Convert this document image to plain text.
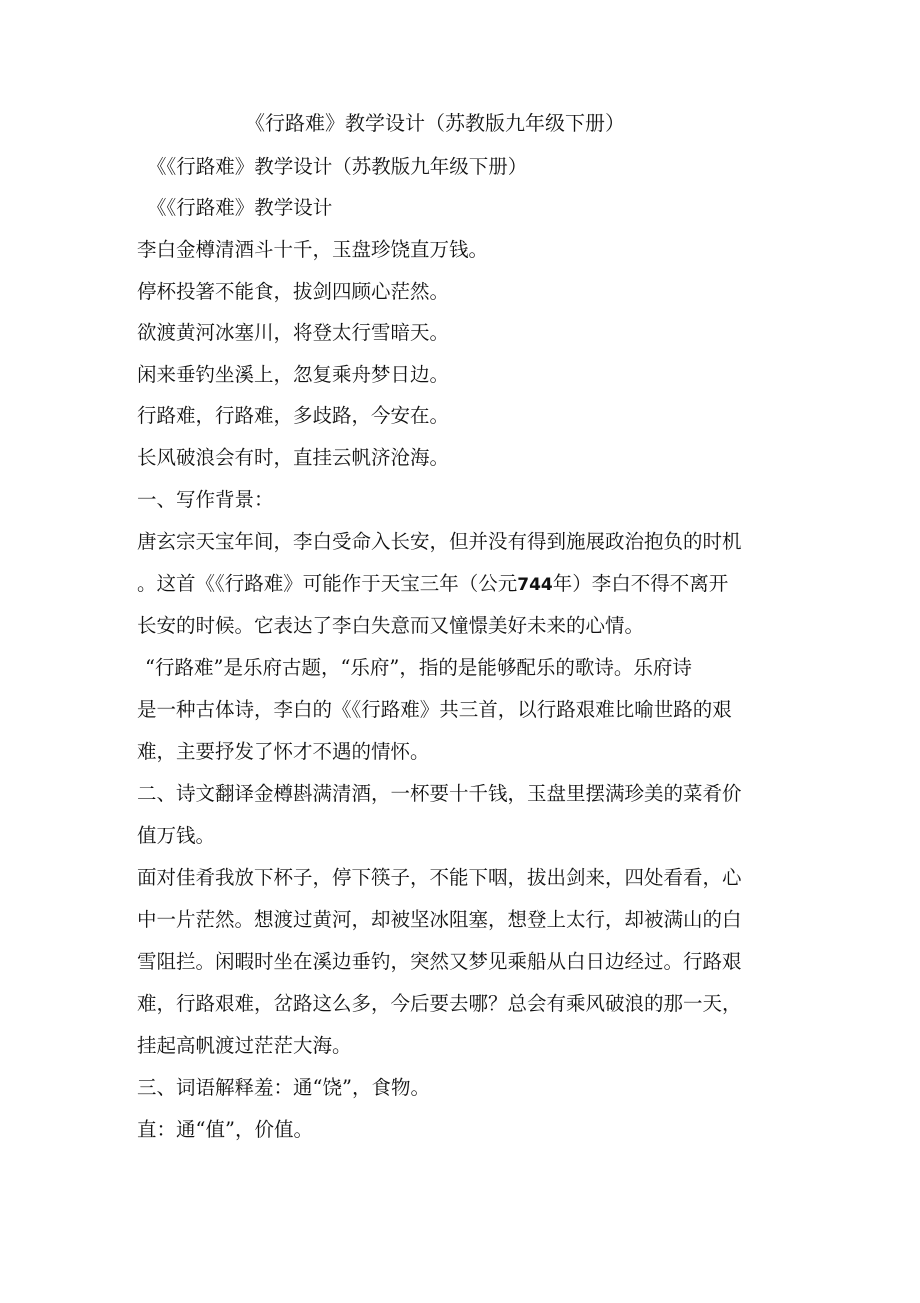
《行路难》教学设计（苏教版九年级下册）

《《行路难》教学设计（苏教版九年级下册）

《《行路难》教学设计

李白金樽清酒斗十千，玉盘珍饶直万钱。

停杯投箸不能食，拔剑四顾心茫然。

欲渡黄河冰塞川，将登太行雪暗天。

闲来垂钓坐溪上，忽复乘舟梦日边。

行路难，行路难，多歧路，今安在。

长风破浪会有时，直挂云帆济沧海。

一、写作背景：

唐玄宗天宝年间，李白受命入长安，但并没有得到施展政治抱负的时机

。这首《《行路难》可能作于天宝三年（公元744年）李白不得不离开

长安的时候。它表达了李白失意而又憧憬美好未来的心情。

“行路难”是乐府古题，“乐府”，指的是能够配乐的歌诗。乐府诗

是一种古体诗，李白的《《行路难》共三首，以行路艰难比喻世路的艰

难，主要抒发了怀才不遇的情怀。

二、诗文翻译金樽斟满清酒，一杯要十千钱，玉盘里摆满珍美的菜肴价

值万钱。

面对佳肴我放下杯子，停下筷子，不能下咽，拔出剑来，四处看看，心

中一片茫然。想渡过黄河，却被坚冰阻塞，想登上太行，却被满山的白

雪阻拦。闲暇时坐在溪边垂钓，突然又梦见乘船从白日边经过。行路艰

难，行路艰难，岔路这么多，今后要去哪？总会有乘风破浪的那一天，

挂起高帆渡过茫茫大海。

三、词语解释羞：通“饶”，食物。

直：通“值”，价值。
